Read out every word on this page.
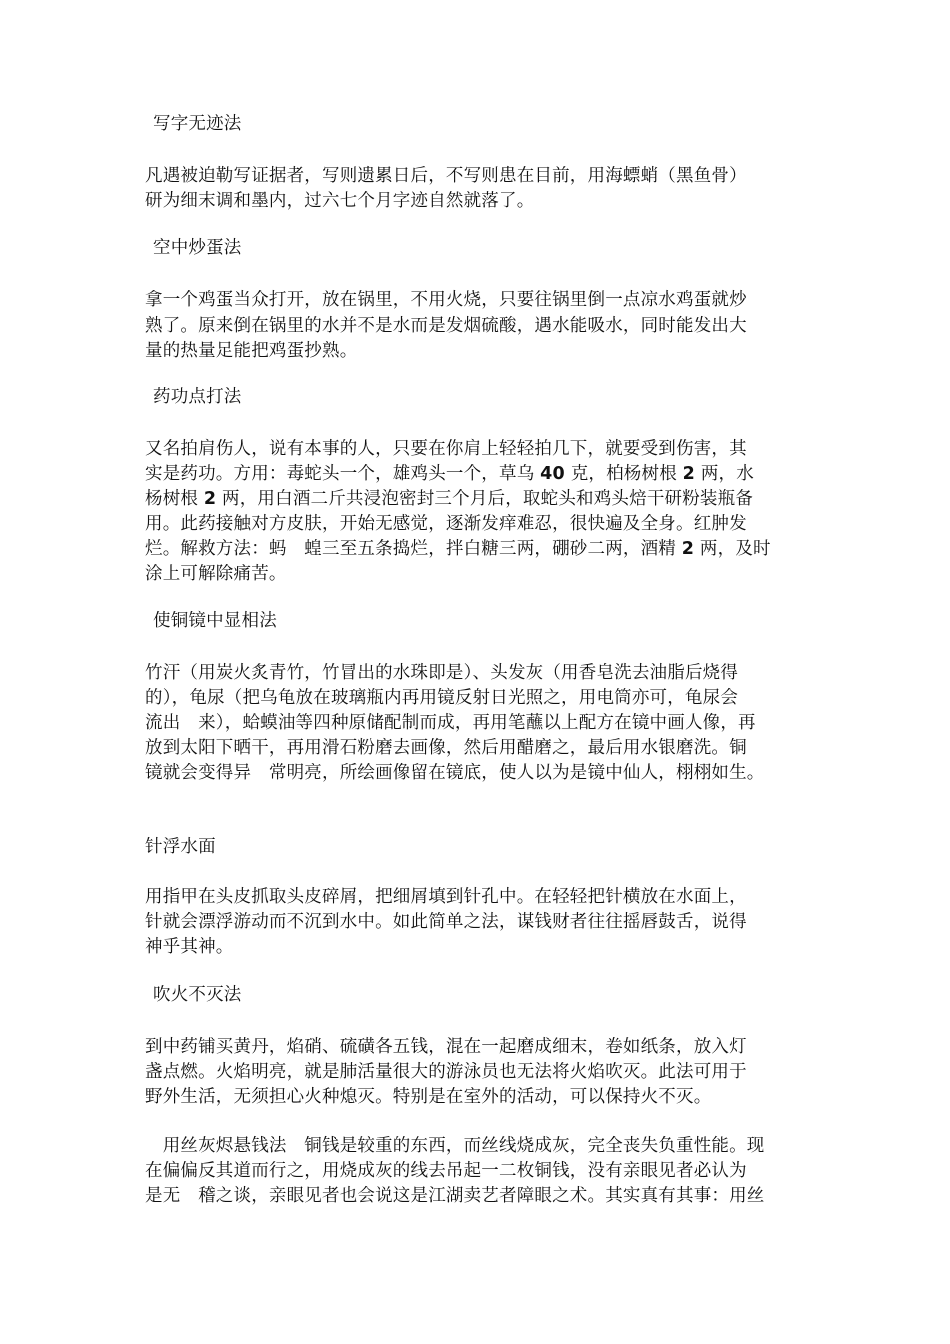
写字无迹法
凡遇被迫勒写证据者，写则遗累日后，不写则患在目前，用海螵蛸（黑鱼骨）
研为细末调和墨内，过六七个月字迹自然就落了。
空中炒蛋法
拿一个鸡蛋当众打开，放在锅里，不用火烧，只要往锅里倒一点凉水鸡蛋就炒
熟了。原来倒在锅里的水并不是水而是发烟硫酸，遇水能吸水，同时能发出大
量的热量足能把鸡蛋抄熟。
药功点打法
又名拍肩伤人，说有本事的人，只要在你肩上轻轻拍几下，就要受到伤害，其
实是药功。方用：毒蛇头一个，雄鸡头一个，草乌 40 克，柏杨树根 2 两，水
杨树根 2 两，用白酒二斤共浸泡密封三个月后，取蛇头和鸡头焙干研粉装瓶备
用。此药接触对方皮肤，开始无感觉，逐渐发痒难忍，很快遍及全身。红肿发
烂。解救方法：蚂　蝗三至五条捣烂，拌白糖三两，硼砂二两，酒精 2 两，及时
涂上可解除痛苦。
使铜镜中显相法
竹汗（用炭火炙青竹，竹冒出的水珠即是）、头发灰（用香皂洗去油脂后烧得
的），龟尿（把乌龟放在玻璃瓶内再用镜反射日光照之，用电筒亦可，龟尿会
流出　来），蛤蟆油等四种原储配制而成，再用笔蘸以上配方在镜中画人像，再
放到太阳下晒干，再用滑石粉磨去画像，然后用醋磨之，最后用水银磨洗。铜
镜就会变得异　常明亮，所绘画像留在镜底，使人以为是镜中仙人，栩栩如生。
针浮水面
用指甲在头皮抓取头皮碎屑，把细屑填到针孔中。在轻轻把针横放在水面上，
针就会漂浮游动而不沉到水中。如此简单之法，谋钱财者往往摇唇鼓舌，说得
神乎其神。
吹火不灭法
到中药铺买黄丹，焰硝、硫磺各五钱，混在一起磨成细末，卷如纸条，放入灯
盏点燃。火焰明亮，就是肺活量很大的游泳员也无法将火焰吹灭。此法可用于
野外生活，无须担心火种熄灭。特别是在室外的活动，可以保持火不灭。
　用丝灰烬悬钱法　铜钱是较重的东西，而丝线烧成灰，完全丧失负重性能。现
在偏偏反其道而行之，用烧成灰的线去吊起一二枚铜钱，没有亲眼见者必认为
是无　稽之谈，亲眼见者也会说这是江湖卖艺者障眼之术。其实真有其事：用丝
